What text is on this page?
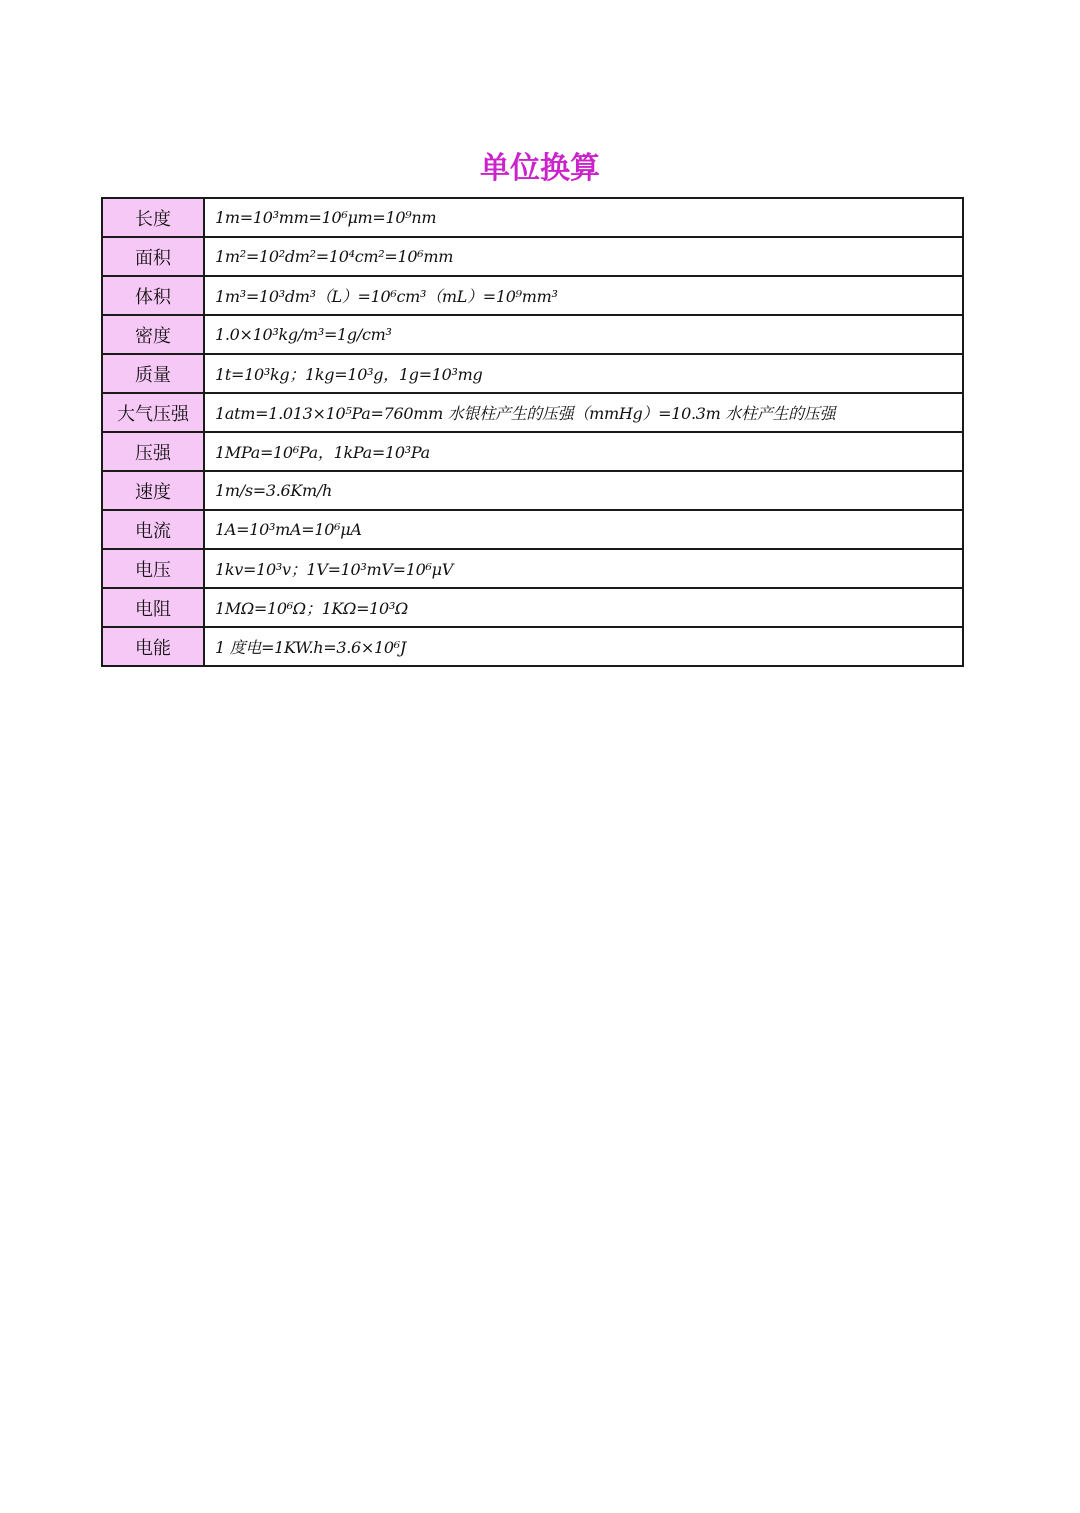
单位换算
长度	1m=10³mm=10⁶μm=10⁹nm
面积	1m²=10²dm²=10⁴cm²=10⁶mm
体积	1m³=10³dm³（L）=10⁶cm³（mL）=10⁹mm³
密度	1.0×10³kg/m³=1g/cm³
质量	1t=10³kg；1kg=10³g，1g=10³mg
大气压强	1atm=1.013×10⁵Pa=760mm 水银柱产生的压强（mmHg）=10.3m 水柱产生的压强
压强	1MPa=10⁶Pa，1kPa=10³Pa
速度	1m/s=3.6Km/h
电流	1A=10³mA=10⁶μA
电压	1kv=10³v；1V=10³mV=10⁶μV
电阻	1MΩ=10⁶Ω；1KΩ=10³Ω
电能	1 度电=1KW.h=3.6×10⁶J
